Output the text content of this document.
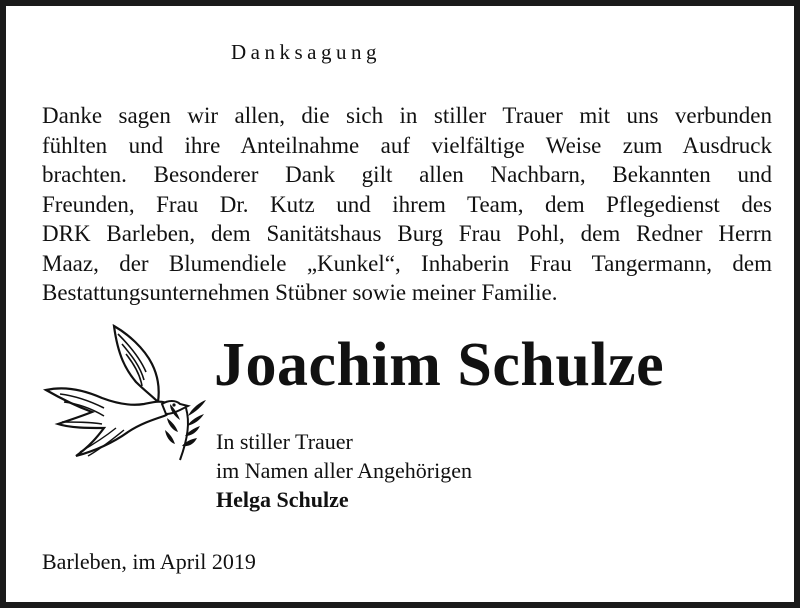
Danksagung
Danke sagen wir allen, die sich in stiller Trauer mit uns verbunden
fühlten und ihre Anteilnahme auf vielfältige Weise zum Ausdruck
brachten. Besonderer Dank gilt allen Nachbarn, Bekannten und
Freunden, Frau Dr. Kutz und ihrem Team, dem Pflegedienst des
DRK Barleben, dem Sanitätshaus Burg Frau Pohl, dem Redner Herrn
Maaz, der Blumendiele „Kunkel“, Inhaberin Frau Tangermann, dem
Bestattungsunternehmen Stübner sowie meiner Familie.
Joachim Schulze
In stiller Trauer
im Namen aller Angehörigen
Helga Schulze
Barleben, im April 2019
